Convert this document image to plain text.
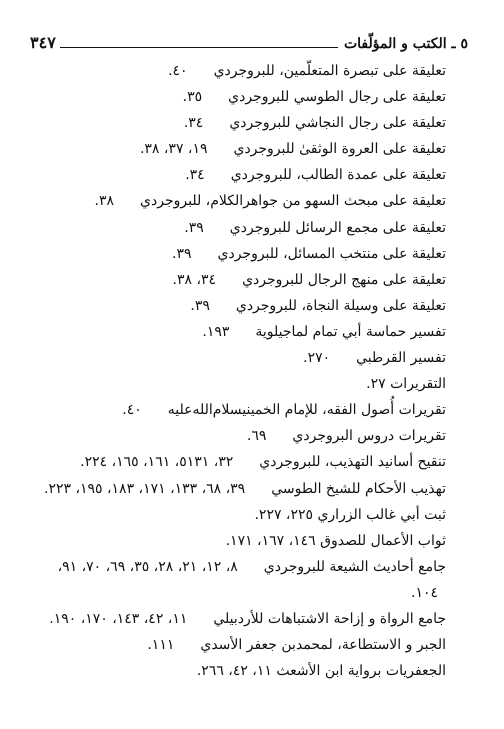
٥ ـ الكتب و المؤلّفات
٣٤٧
تعليقة على تبصرة المتعلّمين، للبروجردي
٤٠.
تعليقة على رجال الطوسي للبروجردي
٣٥.
تعليقة على رجال النجاشي للبروجردي
٣٤.
تعليقة على العروة الوثقىٰ للبروجردي
١٩، ٣٧، ٣٨.
تعليقة على عمدة الطالب، للبروجردي
٣٤.
تعليقة على مبحث السهو من جواهرالكلام، للبروجردي
٣٨.
تعليقة على مجمع الرسائل للبروجردي
٣٩.
تعليقة على منتخب المسائل، للبروجردي
٣٩.
تعليقة على منهج الرجال للبروجردي
٣٤، ٣٨.
تعليقة على وسيلة النجاة، للبروجردي
٣٩.
تفسير حماسة أبي تمام لماجيلوية
١٩٣.
تفسير القرطبي
٢٧٠.
التقريرات ٢٧.
تقريرات أُصول الفقه، للإمام الخمينيسلام‌الله‌عليه
٤٠.
تقريرات دروس البروجردي
٦٩.
تنقيح أسانيد التهذيب، للبروجردي
٣٢، ٥١٣١، ١٦١، ١٦٥، ٢٢٤.
تهذيب الأحكام للشيخ الطوسي
٣٩، ٦٨، ١٣٣، ١٧١، ١٨٣، ١٩٥، ٢٢٣.
ثبت أبي غالب الزراري ٢٢٥، ٢٢٧.
ثواب الأعمال للصدوق ١٤٦، ١٦٧، ١٧١.
جامع أحاديث الشيعة للبروجردي
٨، ١٢، ٢١، ٢٨، ٣٥، ٦٩، ٧٠، ٩١،
١٠٤.
جامع الرواة و إزاحة الاشتباهات للأردبيلي
١١، ٤٢، ١٤٣، ١٧٠، ١٩٠.
الجبر و الاستطاعة، لمحمدبن جعفر الأسدي
١١١.
الجعفريات برواية ابن الأشعث ١١، ٤٢، ٢٦٦.
